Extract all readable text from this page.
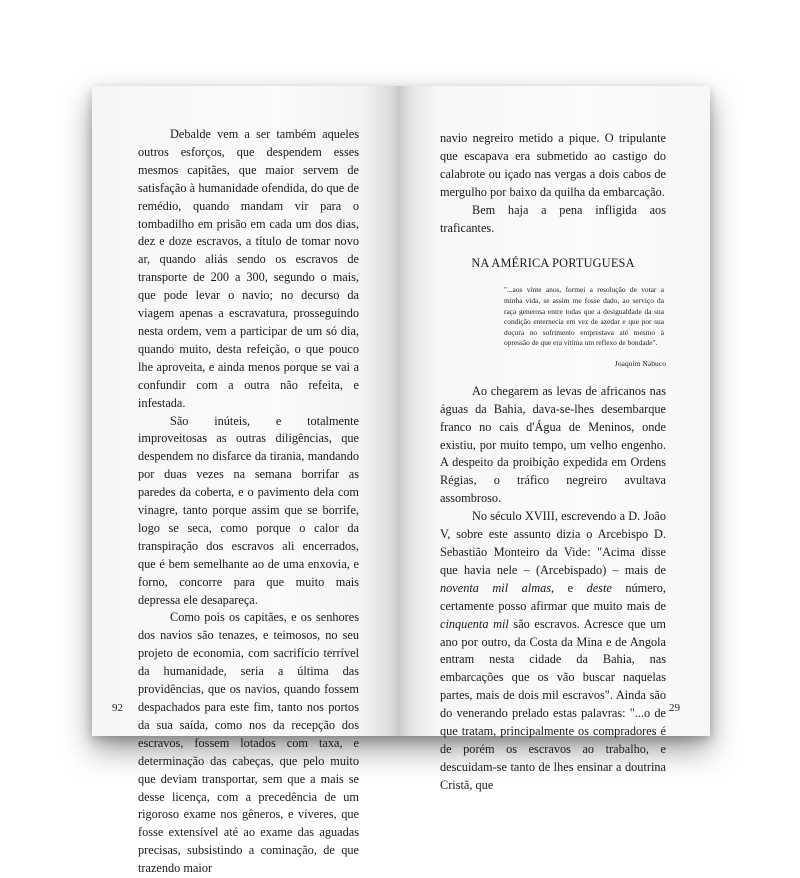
Debalde vem a ser também aqueles outros esforços, que despendem esses mesmos capitães, que maior servem de satisfação à humanidade ofendida, do que de remédio, quando mandam vir para o tombadilho em prisão em cada um dos dias, dez e doze escravos, a título de tomar novo ar, quando aliás sendo os escravos de transporte de 200 a 300, segundo o mais, que pode levar o navio; no decurso da viagem apenas a escravatura, prosseguindo nesta ordem, vem a participar de um só dia, quando muito, desta refeição, o que pouco lhe aproveita, e ainda menos porque se vai a confundir com a outra não refeita, e infestada.

São inúteis, e totalmente improveitosas as outras diligências, que despendem no disfarce da tirania, mandando por duas vezes na semana borrifar as paredes da coberta, e o pavimento dela com vinagre, tanto porque assim que se borrife, logo se seca, como porque o calor da transpiração dos escravos ali encerrados, que é bem semelhante ao de uma enxovia, e forno, concorre para que muito mais depressa ele desapareça.

Como pois os capitães, e os senhores dos navios são tenazes, e teimosos, no seu projeto de economia, com sacrifício terrível da humanidade, seria a última das providências, que os navios, quando fossem despachados para este fim, tanto nos portos da sua saída, como nos da recepção dos escravos, fossem lotados com taxa, e determinação das cabeças, que pelo muito que deviam transportar, sem que a mais se desse licença, com a precedência de um rigoroso exame nos gêneros, e víveres, que fosse extensível até ao exame das aguadas precisas, subsistindo a cominação, de que trazendo maior

92

navio negreiro metido a pique. O tripulante que escapava era submetido ao castigo do calabrote ou içado nas vergas a dois cabos de mergulho por baixo da quilha da embarcação.

Bem haja a pena infligida aos traficantes.

NA AMÉRICA PORTUGUESA
"...aos vinte anos, formei a resolução de votar a minha vida, se assim me fosse dado, ao serviço da raça generosa entre todas que a desigualdade da sua condição enternecia em vez de azedar e que por sua doçura no sofrimento emprestava até mesmo à opressão de que era vítima um reflexo de bondade".
Joaquim Nabuco

Ao chegarem as levas de africanos nas águas da Bahia, dava-se-lhes desembarque franco no cais d'Água de Meninos, onde existiu, por muito tempo, um velho engenho. A despeito da proibição expedida em Ordens Régias, o tráfico negreiro avultava assombroso.

No século XVIII, escrevendo a D. João V, sobre este assunto dizia o Arcebispo D. Sebastião Monteiro da Vide: "Acima disse que havia nele – (Arcebispado) – mais de noventa mil almas, e deste número, certamente posso afirmar que muito mais de cinquenta mil são escravos. Acresce que um ano por outro, da Costa da Mina e de Angola entram nesta cidade da Bahia, nas embarcações que os vão buscar naquelas partes, mais de dois mil escravos". Ainda são do venerando prelado estas palavras: "...o de que tratam, principalmente os compradores é de porém os escravos ao trabalho, e descuidam-se tanto de lhes ensinar a doutrina Cristã, que

29
